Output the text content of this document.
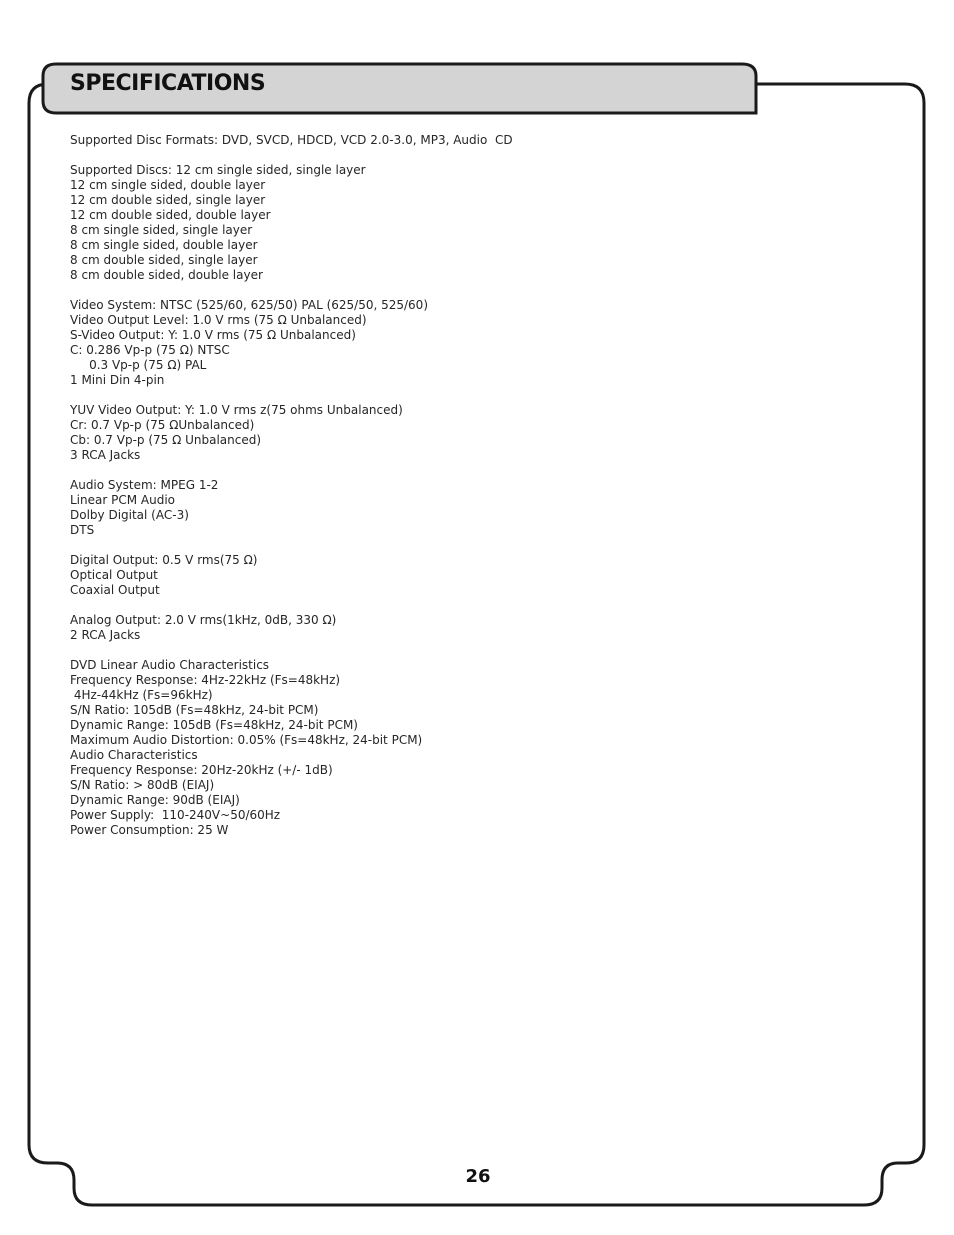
SPECIFICATIONS
Supported Disc Formats: DVD, SVCD, HDCD, VCD 2.0-3.0, MP3, Audio  CD
Supported Discs: 12 cm single sided, single layer
12 cm single sided, double layer
12 cm double sided, single layer
12 cm double sided, double layer
8 cm single sided, single layer
8 cm single sided, double layer
8 cm double sided, single layer
8 cm double sided, double layer
Video System: NTSC (525/60, 625/50) PAL (625/50, 525/60)
Video Output Level: 1.0 V rms (75 Ω Unbalanced)
S-Video Output: Y: 1.0 V rms (75 Ω Unbalanced)
C: 0.286 Vp-p (75 Ω) NTSC
0.3 Vp-p (75 Ω) PAL
1 Mini Din 4-pin
YUV Video Output: Y: 1.0 V rms z(75 ohms Unbalanced)
Cr: 0.7 Vp-p (75 ΩUnbalanced)
Cb: 0.7 Vp-p (75 Ω Unbalanced)
3 RCA Jacks
Audio System: MPEG 1-2
Linear PCM Audio
Dolby Digital (AC-3)
DTS
Digital Output: 0.5 V rms(75 Ω)
Optical Output
Coaxial Output
Analog Output: 2.0 V rms(1kHz, 0dB, 330 Ω)
2 RCA Jacks
DVD Linear Audio Characteristics
Frequency Response: 4Hz-22kHz (Fs=48kHz)
4Hz-44kHz (Fs=96kHz)
S/N Ratio: 105dB (Fs=48kHz, 24-bit PCM)
Dynamic Range: 105dB (Fs=48kHz, 24-bit PCM)
Maximum Audio Distortion: 0.05% (Fs=48kHz, 24-bit PCM)
Audio Characteristics
Frequency Response: 20Hz-20kHz (+/- 1dB)
S/N Ratio: > 80dB (EIAJ)
Dynamic Range: 90dB (EIAJ)
Power Supply:  110-240V~50/60Hz
Power Consumption: 25 W
26
